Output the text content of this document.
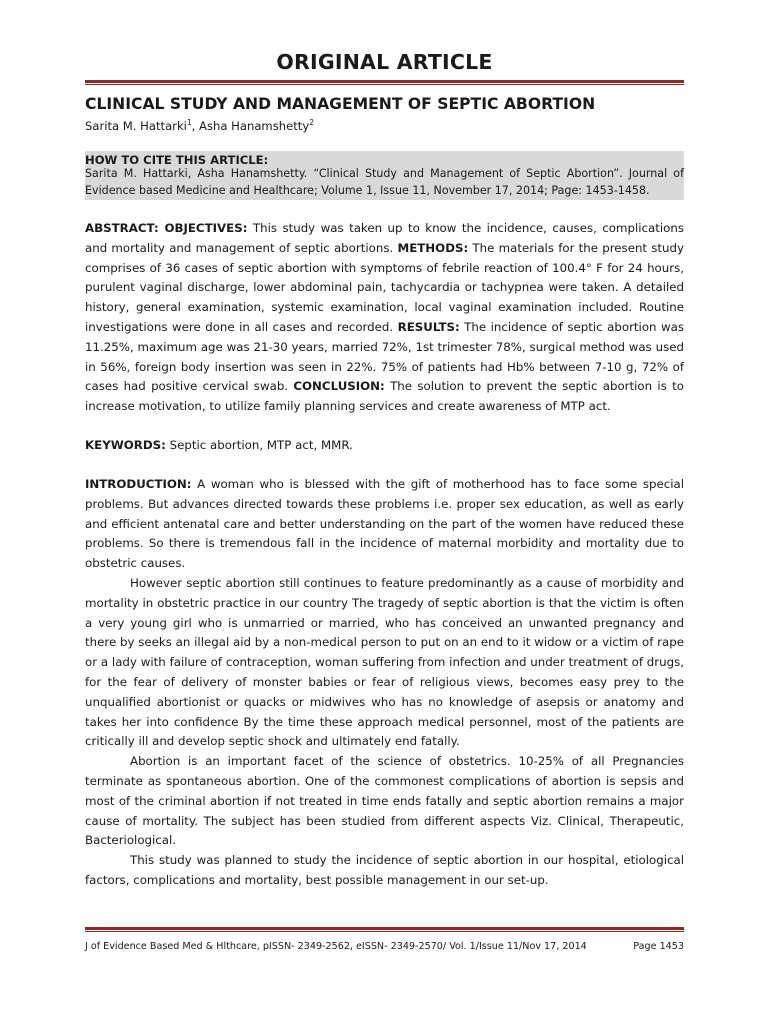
ORIGINAL ARTICLE
CLINICAL STUDY AND MANAGEMENT OF SEPTIC ABORTION
Sarita M. Hattarki$^1$, Asha Hanamshetty$^2$
HOW TO CITE THIS ARTICLE:
Sarita M. Hattarki, Asha Hanamshetty. “Clinical Study and Management of Septic Abortion”. Journal of Evidence based Medicine and Healthcare; Volume 1, Issue 11, November 17, 2014; Page: 1453-1458.

ABSTRACT: OBJECTIVES: This study was taken up to know the incidence, causes, complications and mortality and management of septic abortions. METHODS: The materials for the present study comprises of 36 cases of septic abortion with symptoms of febrile reaction of 100.4° F for 24 hours, purulent vaginal discharge, lower abdominal pain, tachycardia or tachypnea were taken. A detailed history, general examination, systemic examination, local vaginal examination included. Routine investigations were done in all cases and recorded. RESULTS: The incidence of septic abortion was 11.25%, maximum age was 21-30 years, married 72%, 1st trimester 78%, surgical method was used in 56%, foreign body insertion was seen in 22%. 75% of patients had Hb% between 7-10 g, 72% of cases had positive cervical swab. CONCLUSION: The solution to prevent the septic abortion is to increase motivation, to utilize family planning services and create awareness of MTP act.

KEYWORDS: Septic abortion, MTP act, MMR.

INTRODUCTION: A woman who is blessed with the gift of motherhood has to face some special problems. But advances directed towards these problems i.e. proper sex education, as well as early and efficient antenatal care and better understanding on the part of the women have reduced these problems. So there is tremendous fall in the incidence of maternal morbidity and mortality due to obstetric causes.

However septic abortion still continues to feature predominantly as a cause of morbidity and mortality in obstetric practice in our country The tragedy of septic abortion is that the victim is often a very young girl who is unmarried or married, who has conceived an unwanted pregnancy and there by seeks an illegal aid by a non-medical person to put on an end to it widow or a victim of rape or a lady with failure of contraception, woman suffering from infection and under treatment of drugs, for the fear of delivery of monster babies or fear of religious views, becomes easy prey to the unqualified abortionist or quacks or midwives who has no knowledge of asepsis or anatomy and takes her into confidence By the time these approach medical personnel, most of the patients are critically ill and develop septic shock and ultimately end fatally.

Abortion is an important facet of the science of obstetrics. 10-25% of all Pregnancies terminate as spontaneous abortion. One of the commonest complications of abortion is sepsis and most of the criminal abortion if not treated in time ends fatally and septic abortion remains a major cause of mortality. The subject has been studied from different aspects Viz. Clinical, Therapeutic, Bacteriological.

This study was planned to study the incidence of septic abortion in our hospital, etiological factors, complications and mortality, best possible management in our set-up.

J of Evidence Based Med & Hlthcare, pISSN- 2349-2562, eISSN- 2349-2570/ Vol. 1/Issue 11/Nov 17, 2014	Page 1453
